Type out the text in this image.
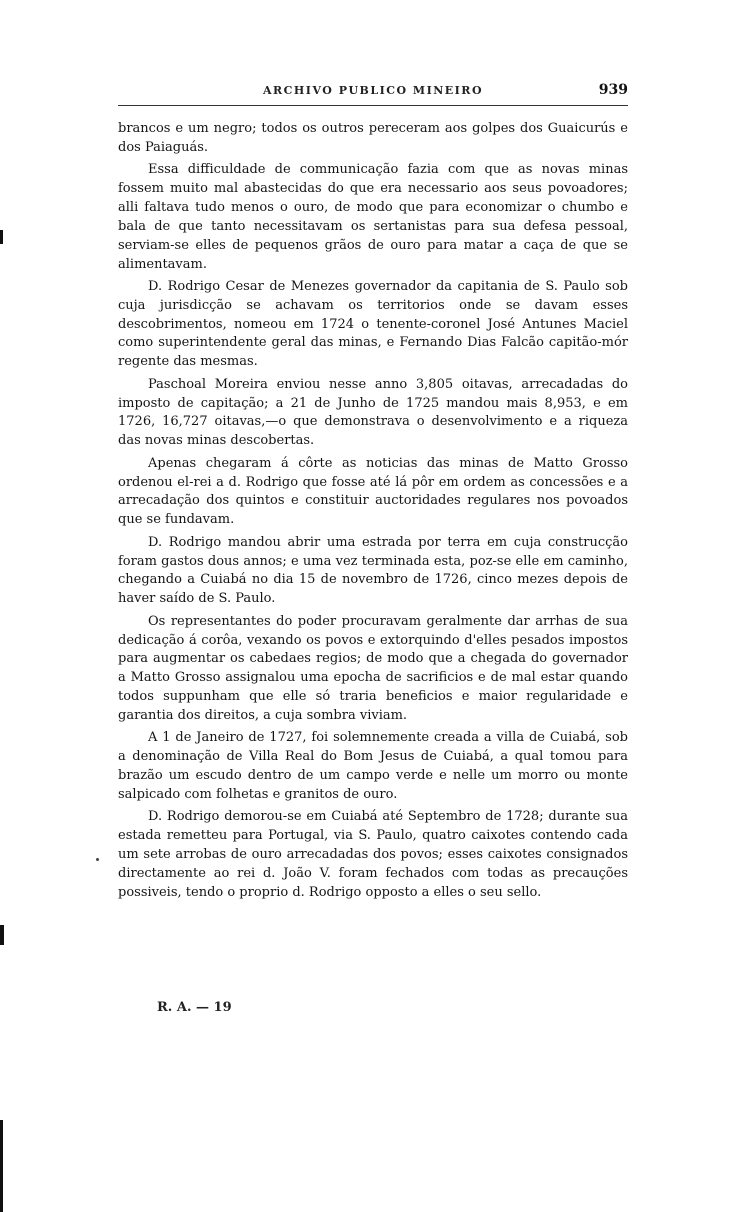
ARCHIVO PUBLICO MINEIRO	939

brancos e um negro; todos os outros pereceram aos golpes dos Guaicurús e dos Paiaguás.

Essa difficuldade de communicação fazia com que as novas minas fossem muito mal abastecidas do que era necessario aos seus povoadores; alli faltava tudo menos o ouro, de modo que para economizar o chumbo e bala de que tanto necessitavam os sertanistas para sua defesa pessoal, serviam-se elles de pequenos grãos de ouro para matar a caça de que se alimentavam.

D. Rodrigo Cesar de Menezes governador da capitania de S. Paulo sob cuja jurisdicção se achavam os territorios onde se davam esses descobrimentos, nomeou em 1724 o tenente-coronel José Antunes Maciel como superintendente geral das minas, e Fernando Dias Falcão capitão-mór regente das mesmas.

Paschoal Moreira enviou nesse anno 3,805 oitavas, arrecadadas do imposto de capitação; a 21 de Junho de 1725 mandou mais 8,953, e em 1726, 16,727 oitavas,—o que demonstrava o desenvolvimento e a riqueza das novas minas descobertas.

Apenas chegaram á côrte as noticias das minas de Matto Grosso ordenou el-rei a d. Rodrigo que fosse até lá pôr em ordem as concessões e a arrecadação dos quintos e constituir auctoridades regulares nos povoados que se fundavam.

D. Rodrigo mandou abrir uma estrada por terra em cuja construcção foram gastos dous annos; e uma vez terminada esta, poz-se elle em caminho, chegando a Cuiabá no dia 15 de novembro de 1726, cinco mezes depois de haver saído de S. Paulo.

Os representantes do poder procuravam geralmente dar arrhas de sua dedicação á corôa, vexando os povos e extorquindo d'elles pesados impostos para augmentar os cabedaes regios; de modo que a chegada do governador a Matto Grosso assignalou uma epocha de sacrificios e de mal estar quando todos suppunham que elle só traria beneficios e maior regularidade e garantia dos direitos, a cuja sombra viviam.

A 1 de Janeiro de 1727, foi solemnemente creada a villa de Cuiabá, sob a denominação de Villa Real do Bom Jesus de Cuiabá, a qual tomou para brazão um escudo dentro de um campo verde e nelle um morro ou monte salpicado com folhetas e granitos de ouro.

D. Rodrigo demorou-se em Cuiabá até Septembro de 1728; durante sua estada remetteu para Portugal, via S. Paulo, quatro caixotes contendo cada um sete arrobas de ouro arrecadadas dos povos; esses caixotes consignados directamente ao rei d. João V. foram fechados com todas as precauções possiveis, tendo o proprio d. Rodrigo opposto a elles o seu sello.

R. A. — 19
